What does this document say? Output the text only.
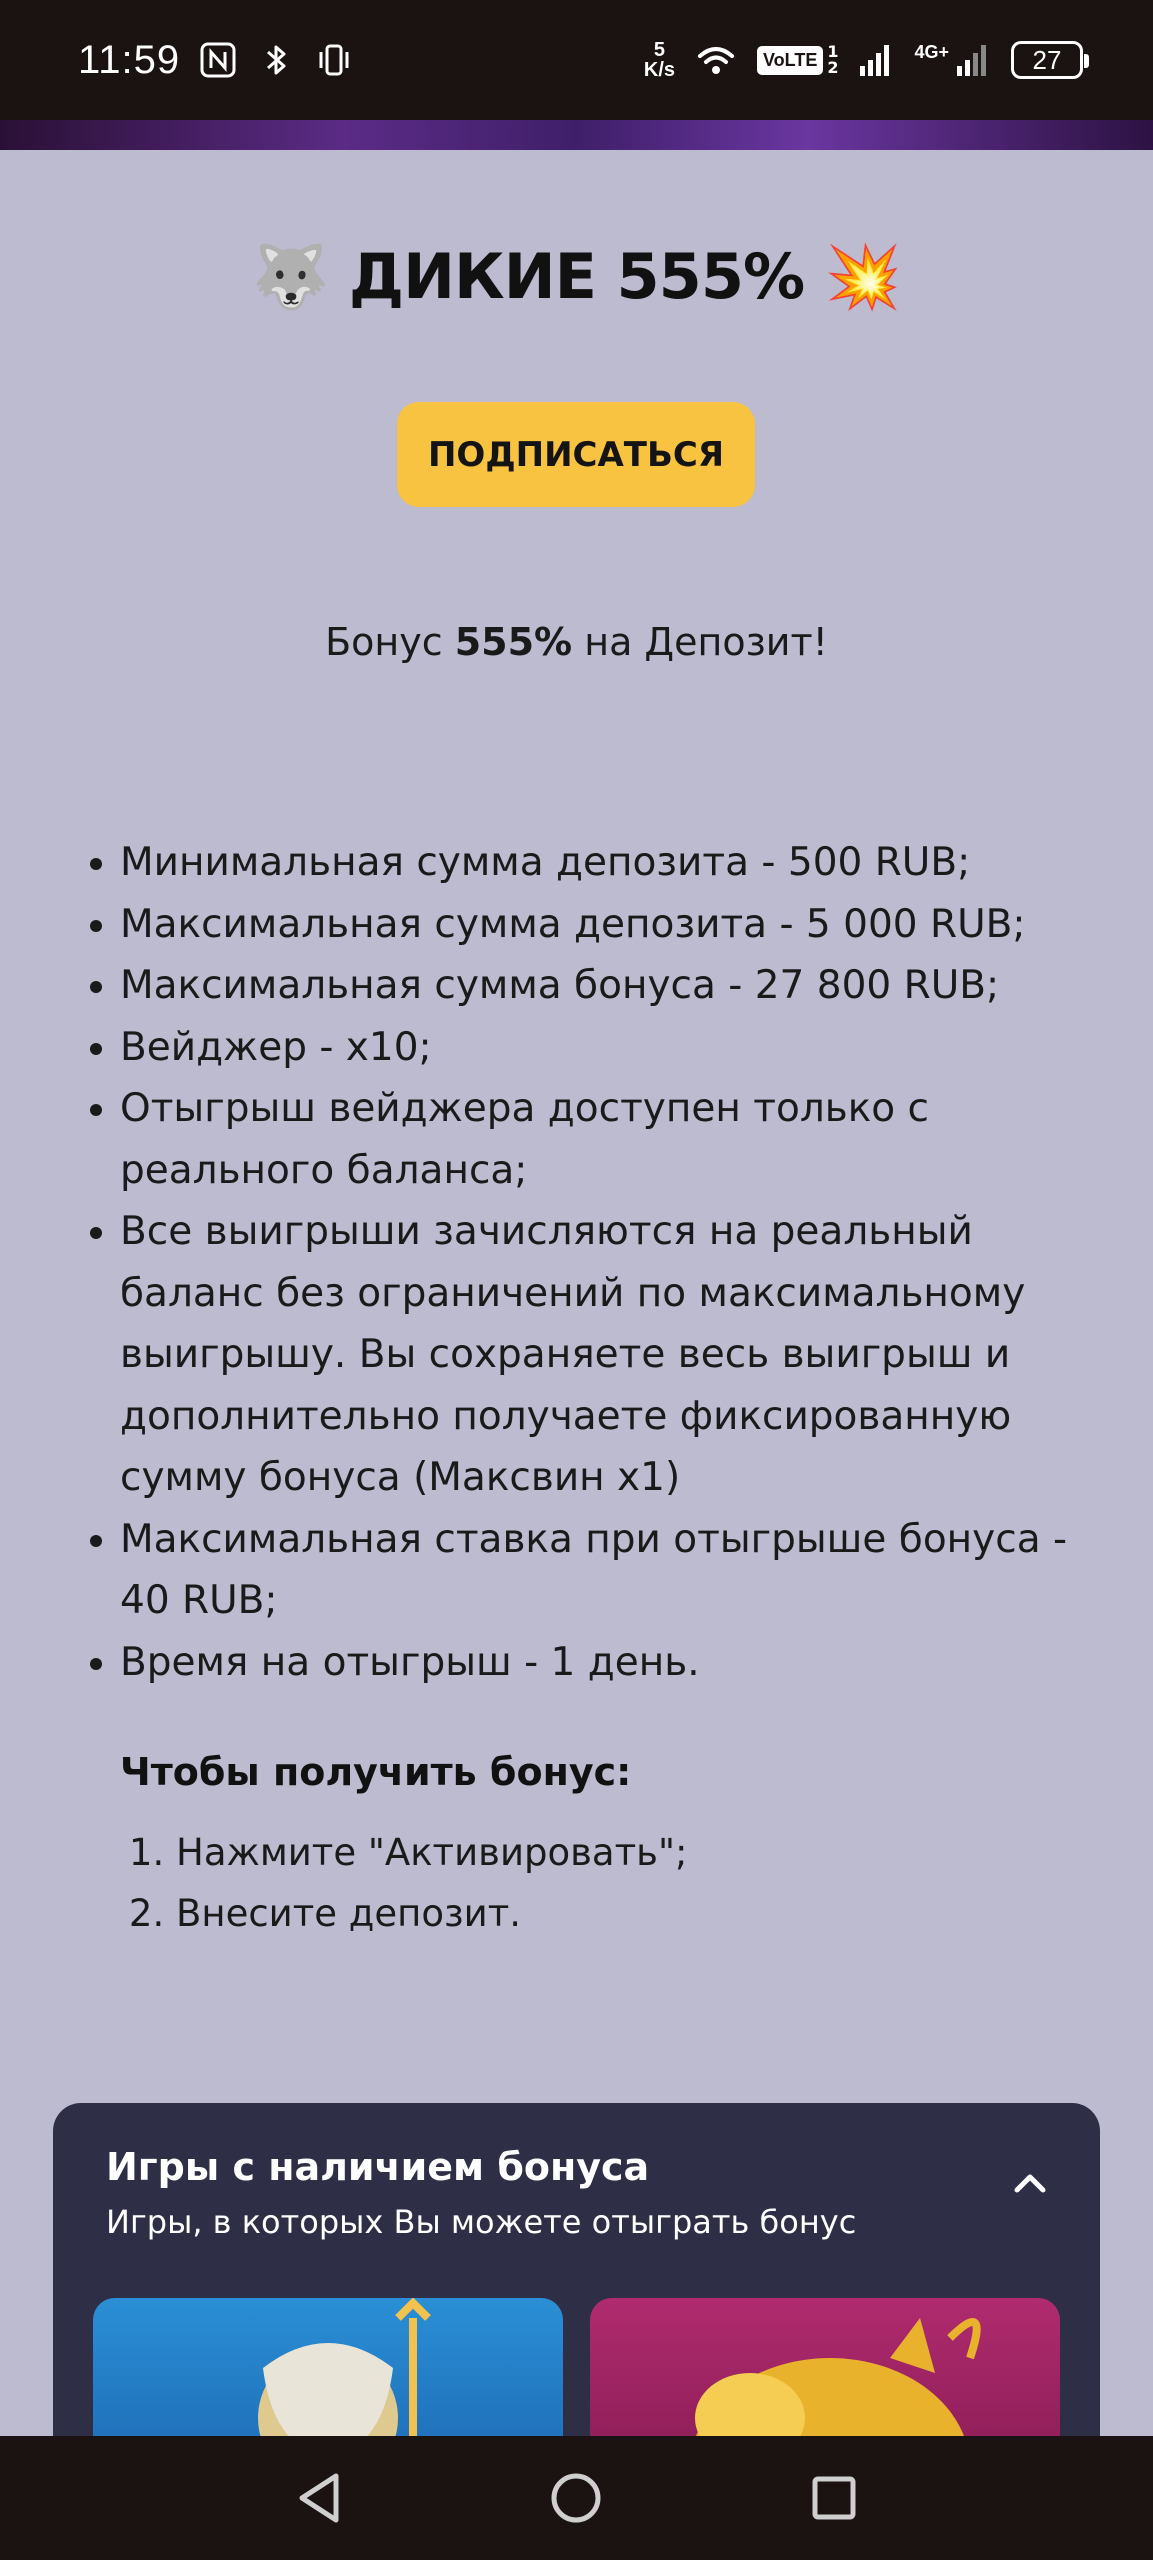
11:59	5
K/s	VoLTE 1
2
4G+	27
🐺 ДИКИЕ 555% 💥
ПОДПИСАТЬСЯ
Бонус 555% на Депозит!
• Минимальная сумма депозита - 500 RUB;
• Максимальная сумма депозита - 5 000 RUB;
• Максимальная сумма бонуса - 27 800 RUB;
• Вейджер - x10;
• Отыгрыш вейджера доступен только с реального баланса;
• Все выигрыши зачисляются на реальный баланс без ограничений по максимальному выигрышу. Вы сохраняете весь выигрыш и дополнительно получаете фиксированную сумму бонуса (Максвин x1)
• Максимальная ставка при отыгрыше бонуса - 40 RUB;
• Время на отыгрыш - 1 день.
Чтобы получить бонус:
1. Нажмите "Активировать";
2. Внесите депозит.
Игры с наличием бонуса
Игры, в которых Вы можете отыграть бонус
